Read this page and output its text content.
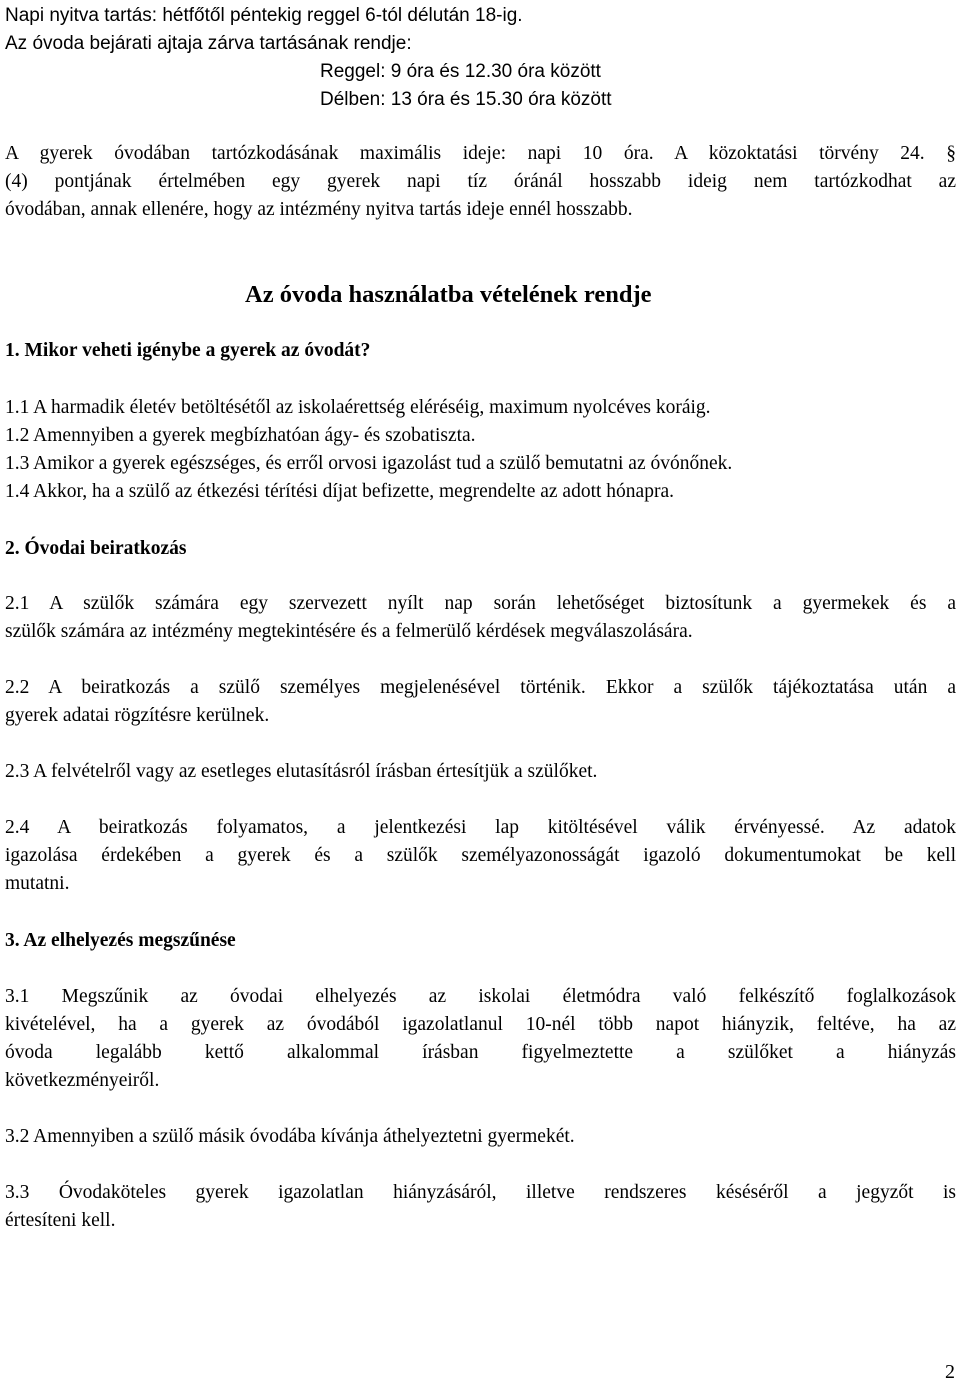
Napi nyitva tartás: hétfőtől péntekig reggel 6-tól délután 18-ig.
Az óvoda bejárati ajtaja zárva tartásának rendje:
Reggel: 9 óra és 12.30 óra között
Délben: 13 óra és 15.30 óra között
A gyerek óvodában tartózkodásának maximális ideje: napi 10 óra. A közoktatási törvény 24. §
(4) pontjának értelmében egy gyerek napi tíz óránál hosszabb ideig nem tartózkodhat az
óvodában, annak ellenére, hogy az intézmény nyitva tartás ideje ennél hosszabb.
Az óvoda használatba vételének rendje
1. Mikor veheti igénybe a gyerek az óvodát?
1.1 A harmadik életév betöltésétől az iskolaérettség eléréséig, maximum nyolcéves koráig.
1.2 Amennyiben a gyerek megbízhatóan ágy- és szobatiszta.
1.3 Amikor a gyerek egészséges, és erről orvosi igazolást tud a szülő bemutatni az óvónőnek.
1.4 Akkor, ha a szülő az étkezési térítési díjat befizette, megrendelte az adott hónapra.
2. Óvodai beiratkozás
2.1 A szülők számára egy szervezett nyílt nap során lehetőséget biztosítunk a gyermekek és a
szülők számára az intézmény megtekintésére és a felmerülő kérdések megválaszolására.
2.2 A beiratkozás a szülő személyes megjelenésével történik. Ekkor a szülők tájékoztatása után a
gyerek adatai rögzítésre kerülnek.
2.3 A felvételről vagy az esetleges elutasításról írásban értesítjük a szülőket.
2.4 A beiratkozás folyamatos, a jelentkezési lap kitöltésével válik érvényessé. Az adatok
igazolása érdekében a gyerek és a szülők személyazonosságát igazoló dokumentumokat be kell
mutatni.
3. Az elhelyezés megszűnése
3.1 Megszűnik az óvodai elhelyezés az iskolai életmódra való felkészítő foglalkozások
kivételével, ha a gyerek az óvodából igazolatlanul 10-nél több napot hiányzik, feltéve, ha az
óvoda legalább kettő alkalommal írásban figyelmeztette a szülőket a hiányzás
következményeiről.
3.2 Amennyiben a szülő másik óvodába kívánja áthelyeztetni gyermekét.
3.3 Óvodaköteles gyerek igazolatlan hiányzásáról, illetve rendszeres késéséről a jegyzőt is
értesíteni kell.
2
